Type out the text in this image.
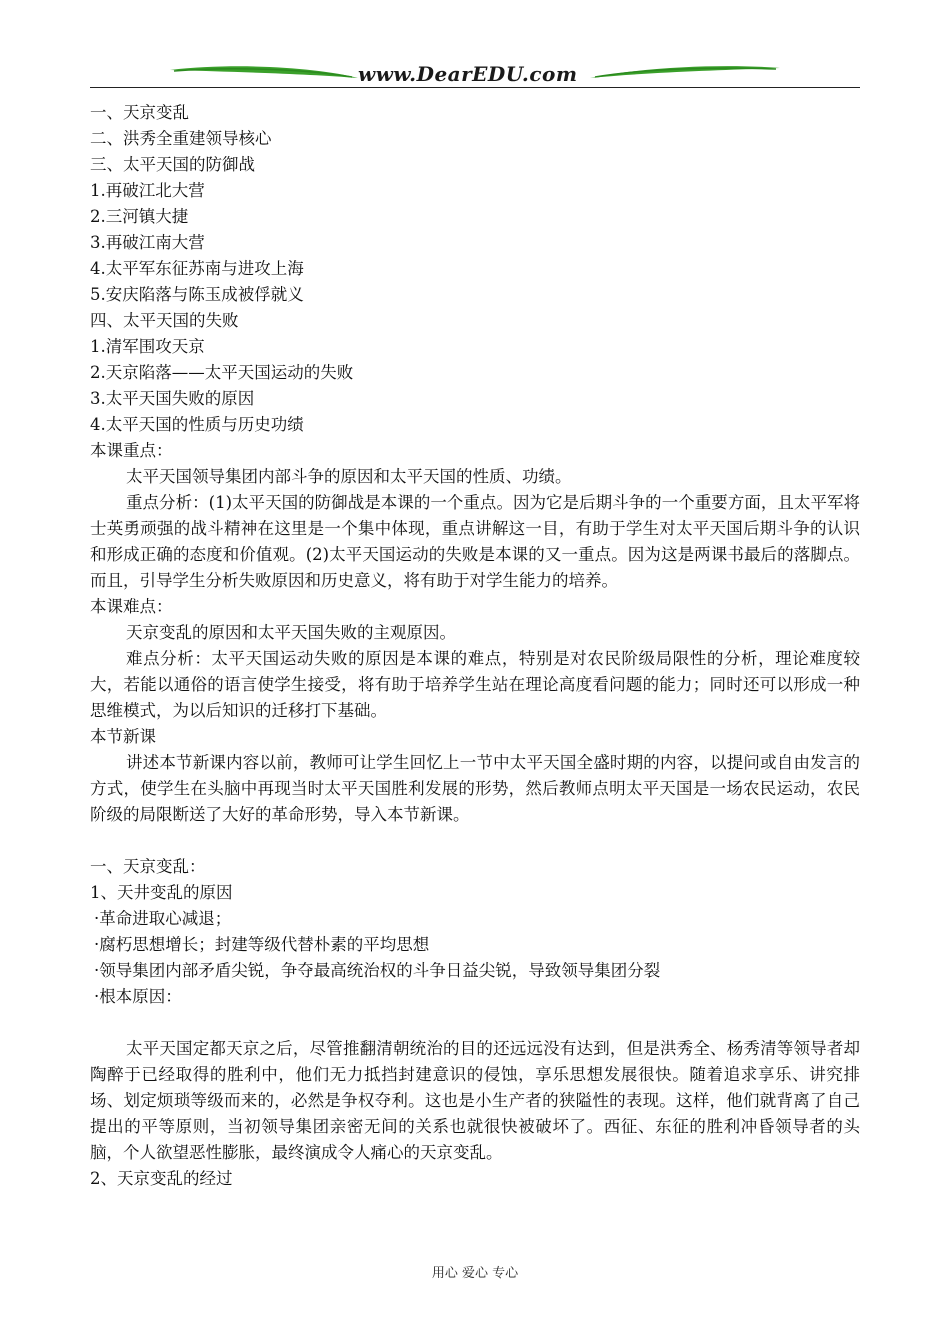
www.DearEDU.com
一、天京变乱
二、洪秀全重建领导核心
三、太平天国的防御战
1.再破江北大营
2.三河镇大捷
3.再破江南大营
4.太平军东征苏南与进攻上海
5.安庆陷落与陈玉成被俘就义
四、太平天国的失败
1.清军围攻天京
2.天京陷落——太平天国运动的失败
3.太平天国失败的原因
4.太平天国的性质与历史功绩
本课重点：
太平天国领导集团内部斗争的原因和太平天国的性质、功绩。
重点分析：(1)太平天国的防御战是本课的一个重点。因为它是后期斗争的一个重要方面，且太平军将士英勇顽强的战斗精神在这里是一个集中体现，重点讲解这一目，有助于学生对太平天国后期斗争的认识和形成正确的态度和价值观。(2)太平天国运动的失败是本课的又一重点。因为这是两课书最后的落脚点。而且，引导学生分析失败原因和历史意义，将有助于对学生能力的培养。
本课难点：
天京变乱的原因和太平天国失败的主观原因。
难点分析：太平天国运动失败的原因是本课的难点，特别是对农民阶级局限性的分析，理论难度较大，若能以通俗的语言使学生接受，将有助于培养学生站在理论高度看问题的能力；同时还可以形成一种思维模式，为以后知识的迁移打下基础。
本节新课
讲述本节新课内容以前，教师可让学生回忆上一节中太平天国全盛时期的内容，以提问或自由发言的方式，使学生在头脑中再现当时太平天国胜利发展的形势，然后教师点明太平天国是一场农民运动，农民阶级的局限断送了大好的革命形势，导入本节新课。
一、天京变乱：
1、天井变乱的原因
·革命进取心减退；
·腐朽思想增长；封建等级代替朴素的平均思想
·领导集团内部矛盾尖锐，争夺最高统治权的斗争日益尖锐，导致领导集团分裂
·根本原因：
太平天国定都天京之后，尽管推翻清朝统治的目的还远远没有达到，但是洪秀全、杨秀清等领导者却陶醉于已经取得的胜利中，他们无力抵挡封建意识的侵蚀，享乐思想发展很快。随着追求享乐、讲究排场、划定烦琐等级而来的，必然是争权夺利。这也是小生产者的狭隘性的表现。这样，他们就背离了自己提出的平等原则，当初领导集团亲密无间的关系也就很快被破坏了。西征、东征的胜利冲昏领导者的头脑，个人欲望恶性膨胀，最终演成令人痛心的天京变乱。
2、天京变乱的经过
用心 爱心 专心
